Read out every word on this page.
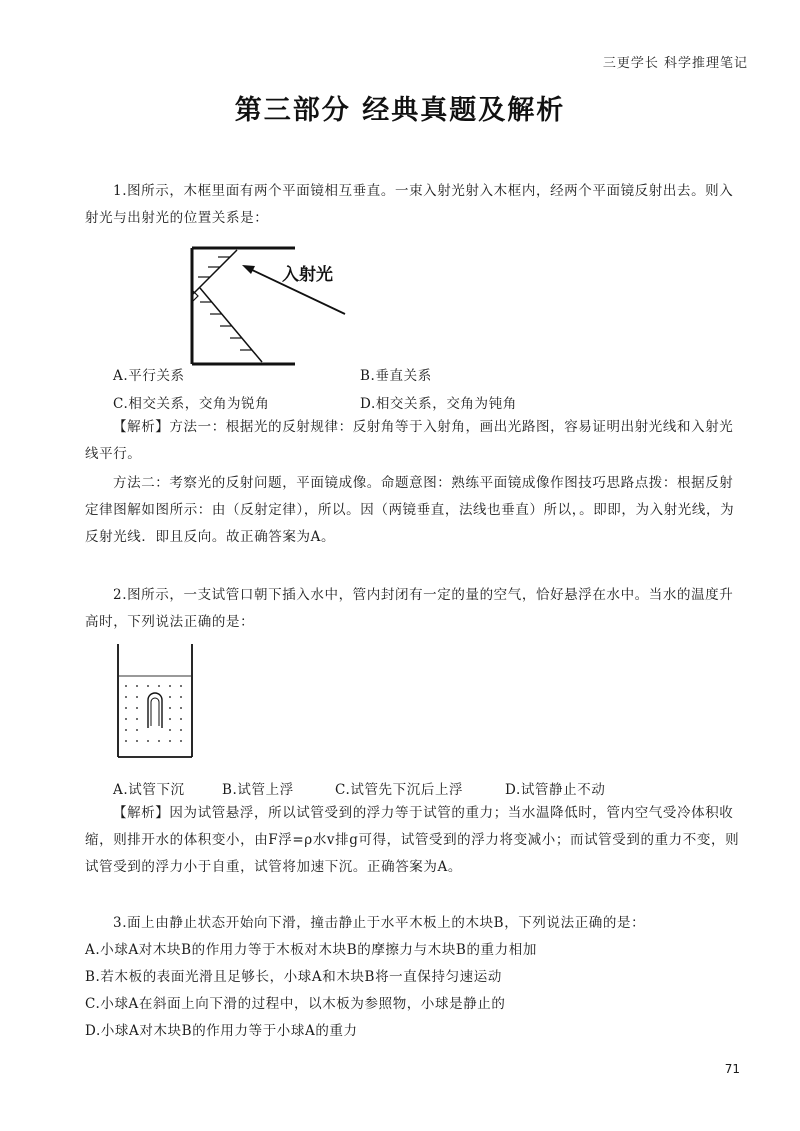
三更学长 科学推理笔记
第三部分 经典真题及解析
1.图所示，木框里面有两个平面镜相互垂直。一束入射光射入木框内，经两个平面镜反射出去。则入射光与出射光的位置关系是：
入射光
A.平行关系	B.垂直关系
C.相交关系，交角为锐角	D.相交关系，交角为钝角
【解析】方法一：根据光的反射规律：反射角等于入射角，画出光路图，容易证明出射光线和入射光线平行。
方法二：考察光的反射问题，平面镜成像。命题意图：熟练平面镜成像作图技巧思路点拨：根据反射定律图解如图所示：由（反射定律），所以。因（两镜垂直，法线也垂直）所以，。即即，为入射光线，为反射光线．即且反向。故正确答案为A。
2.图所示，一支试管口朝下插入水中，管内封闭有一定的量的空气，恰好悬浮在水中。当水的温度升高时，下列说法正确的是：
A.试管下沉	B.试管上浮	C.试管先下沉后上浮	D.试管静止不动
【解析】因为试管悬浮，所以试管受到的浮力等于试管的重力；当水温降低时，管内空气受冷体积收缩，则排开水的体积变小，由F浮=ρ水v排g可得，试管受到的浮力将变减小；而试管受到的重力不变，则试管受到的浮力小于自重，试管将加速下沉。正确答案为A。
3.面上由静止状态开始向下滑，撞击静止于水平木板上的木块B，下列说法正确的是：
A.小球A对木块B的作用力等于木板对木块B的摩擦力与木块B的重力相加
B.若木板的表面光滑且足够长，小球A和木块B将一直保持匀速运动
C.小球A在斜面上向下滑的过程中，以木板为参照物，小球是静止的
D.小球A对木块B的作用力等于小球A的重力
71
